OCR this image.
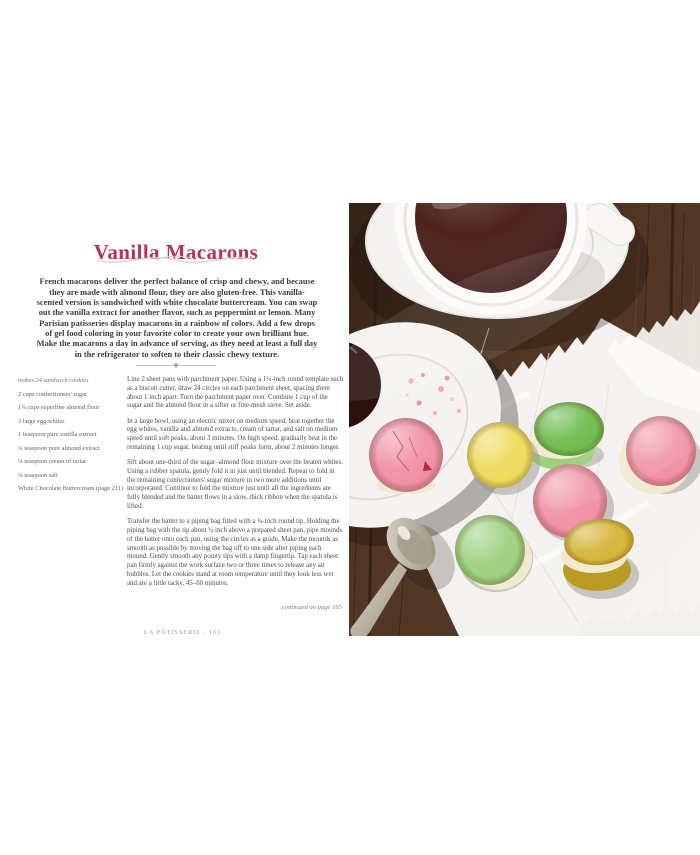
Vanilla Macarons

French macarons deliver the perfect balance of crisp and chewy, and because they are made with almond flour, they are also gluten-free. This vanilla-scented version is sandwiched with white chocolate buttercream. You can swap out the vanilla extract for another flavor, such as peppermint or lemon. Many Parisian patisseries display macarons in a rainbow of colors. Add a few drops of gel food coloring in your favorite color to create your own brilliant hue. Make the macarons a day in advance of serving, as they need at least a full day in the refrigerator to soften to their classic chewy texture.

makes 24 sandwich cookies

2 cups confectioners' sugar
1¾ cups superfine almond flour
3 large egg whites
1 teaspoon pure vanilla extract
¼ teaspoon pure almond extract
¼ teaspoon cream of tartar
¼ teaspoon salt
White Chocolate Buttercream (page 211)

Line 2 sheet pans with parchment paper. Using a 1¼-inch round template such as a biscuit cutter, draw 24 circles on each parchment sheet, spacing them about 1 inch apart. Turn the parchment paper over. Combine 1 cup of the sugar and the almond flour in a sifter or fine-mesh sieve. Set aside.

In a large bowl, using an electric mixer on medium speed, beat together the egg whites, vanilla and almond extracts, cream of tartar, and salt on medium speed until soft peaks, about 3 minutes. On high speed, gradually beat in the remaining 1 cup sugar, beating until stiff peaks form, about 2 minutes longer.

Sift about one-third of the sugar–almond flour mixture over the beaten whites. Using a rubber spatula, gently fold it in just until blended. Repeat to fold in the remaining confectioners' sugar mixture in two more additions until incorporated. Continue to fold the mixture just until all the ingredients are fully blended and the batter flows in a slow, thick ribbon when the spatula is lifted.

Transfer the batter to a piping bag fitted with a ¾-inch round tip. Holding the piping bag with the tip about ½ inch above a prepared sheet pan, pipe mounds of the batter onto each pan, using the circles as a guide. Make the mounds as smooth as possible by moving the bag off to one side after piping each mound. Gently smooth any pointy tips with a damp fingertip. Tap each sheet pan firmly against the work surface two or three times to release any air bubbles. Let the cookies stand at room temperature until they look less wet and are a little tacky, 45–60 minutes.

continued on page 165
LA PÂTISSERIE · 162
